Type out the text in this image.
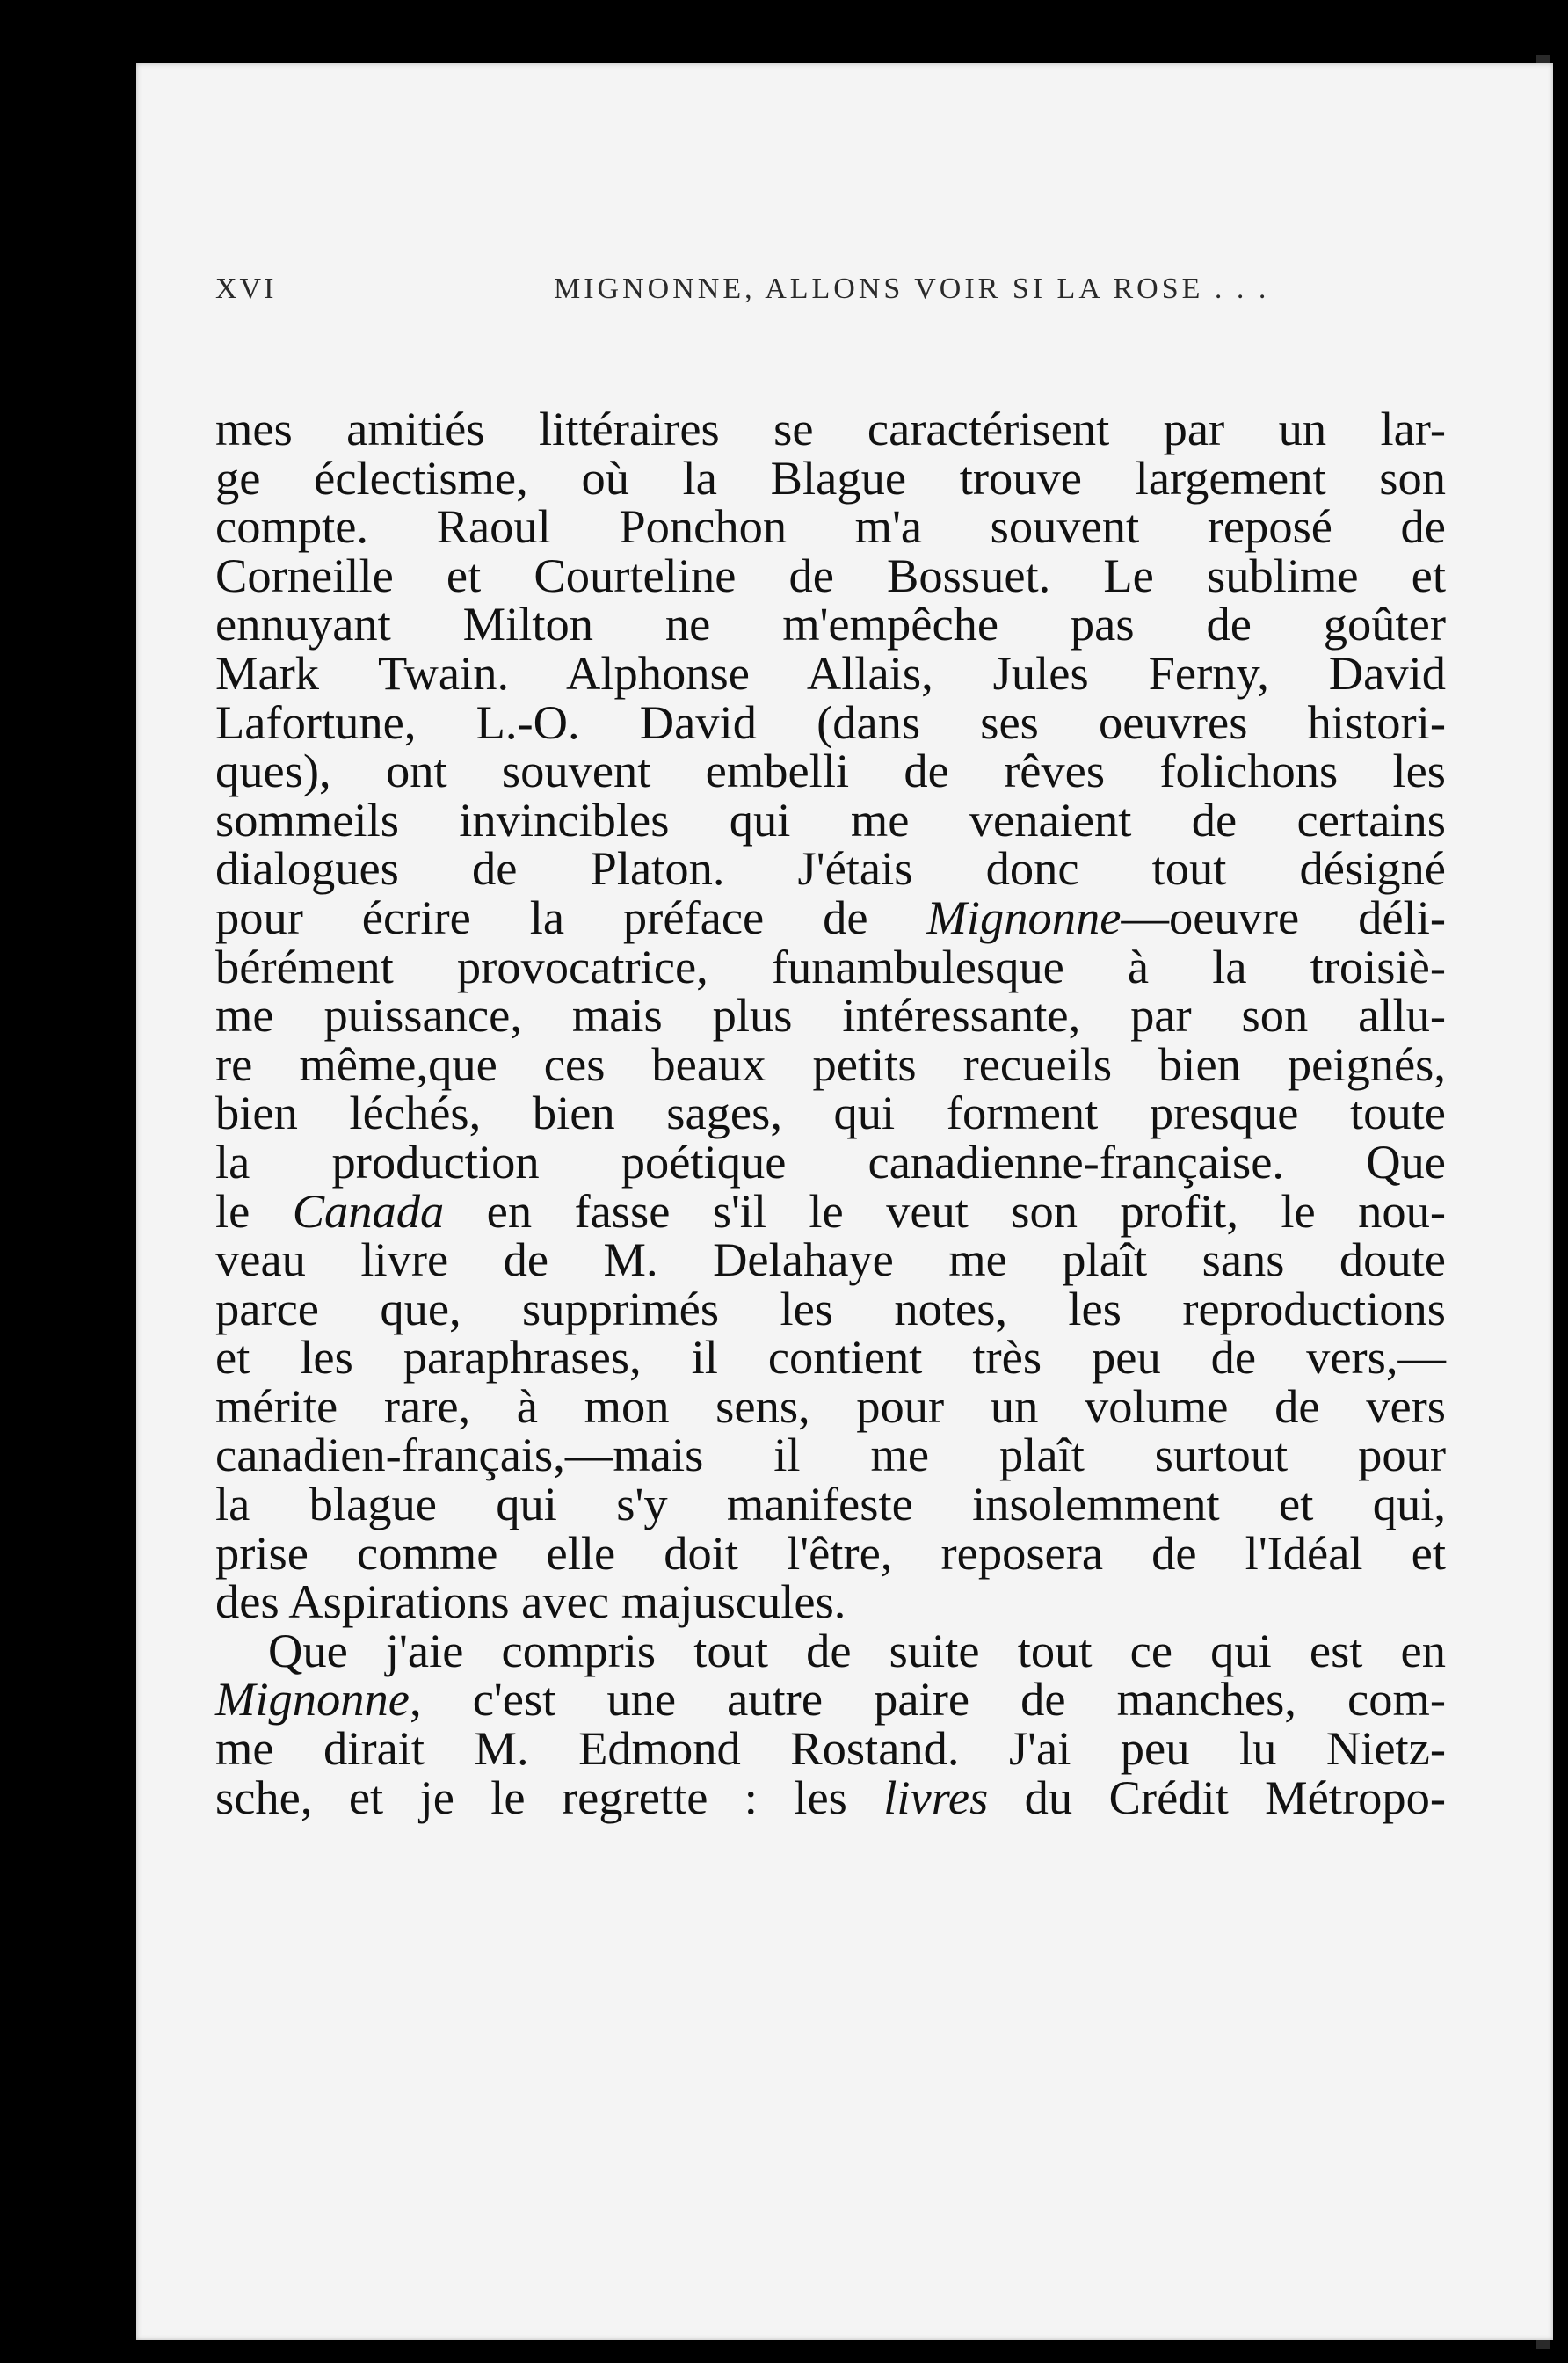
XVI	MIGNONNE, ALLONS VOIR SI LA ROSE . . .
mes amitiés littéraires se caractérisent par un lar-
ge éclectisme, où la Blague trouve largement son
compte. Raoul Ponchon m'a souvent reposé de
Corneille et Courteline de Bossuet. Le sublime et
ennuyant Milton ne m'empêche pas de goûter
Mark Twain. Alphonse Allais, Jules Ferny, David
Lafortune, L.-O. David (dans ses oeuvres histori-
ques), ont souvent embelli de rêves folichons les
sommeils invincibles qui me venaient de certains
dialogues de Platon. J'étais donc tout désigné
pour écrire la préface de Mignonne—oeuvre déli-
bérément provocatrice, funambulesque à la troisiè-
me puissance, mais plus intéressante, par son allu-
re même,que ces beaux petits recueils bien peignés,
bien léchés, bien sages, qui forment presque toute
la production poétique canadienne-française. Que
le Canada en fasse s'il le veut son profit, le nou-
veau livre de M. Delahaye me plaît sans doute
parce que, supprimés les notes, les reproductions
et les paraphrases, il contient très peu de vers,—
mérite rare, à mon sens, pour un volume de vers
canadien-français,—mais il me plaît surtout pour
la blague qui s'y manifeste insolemment et qui,
prise comme elle doit l'être, reposera de l'Idéal et
des Aspirations avec majuscules.
Que j'aie compris tout de suite tout ce qui est en
Mignonne, c'est une autre paire de manches, com-
me dirait M. Edmond Rostand. J'ai peu lu Nietz-
sche, et je le regrette : les livres du Crédit Métropo-
